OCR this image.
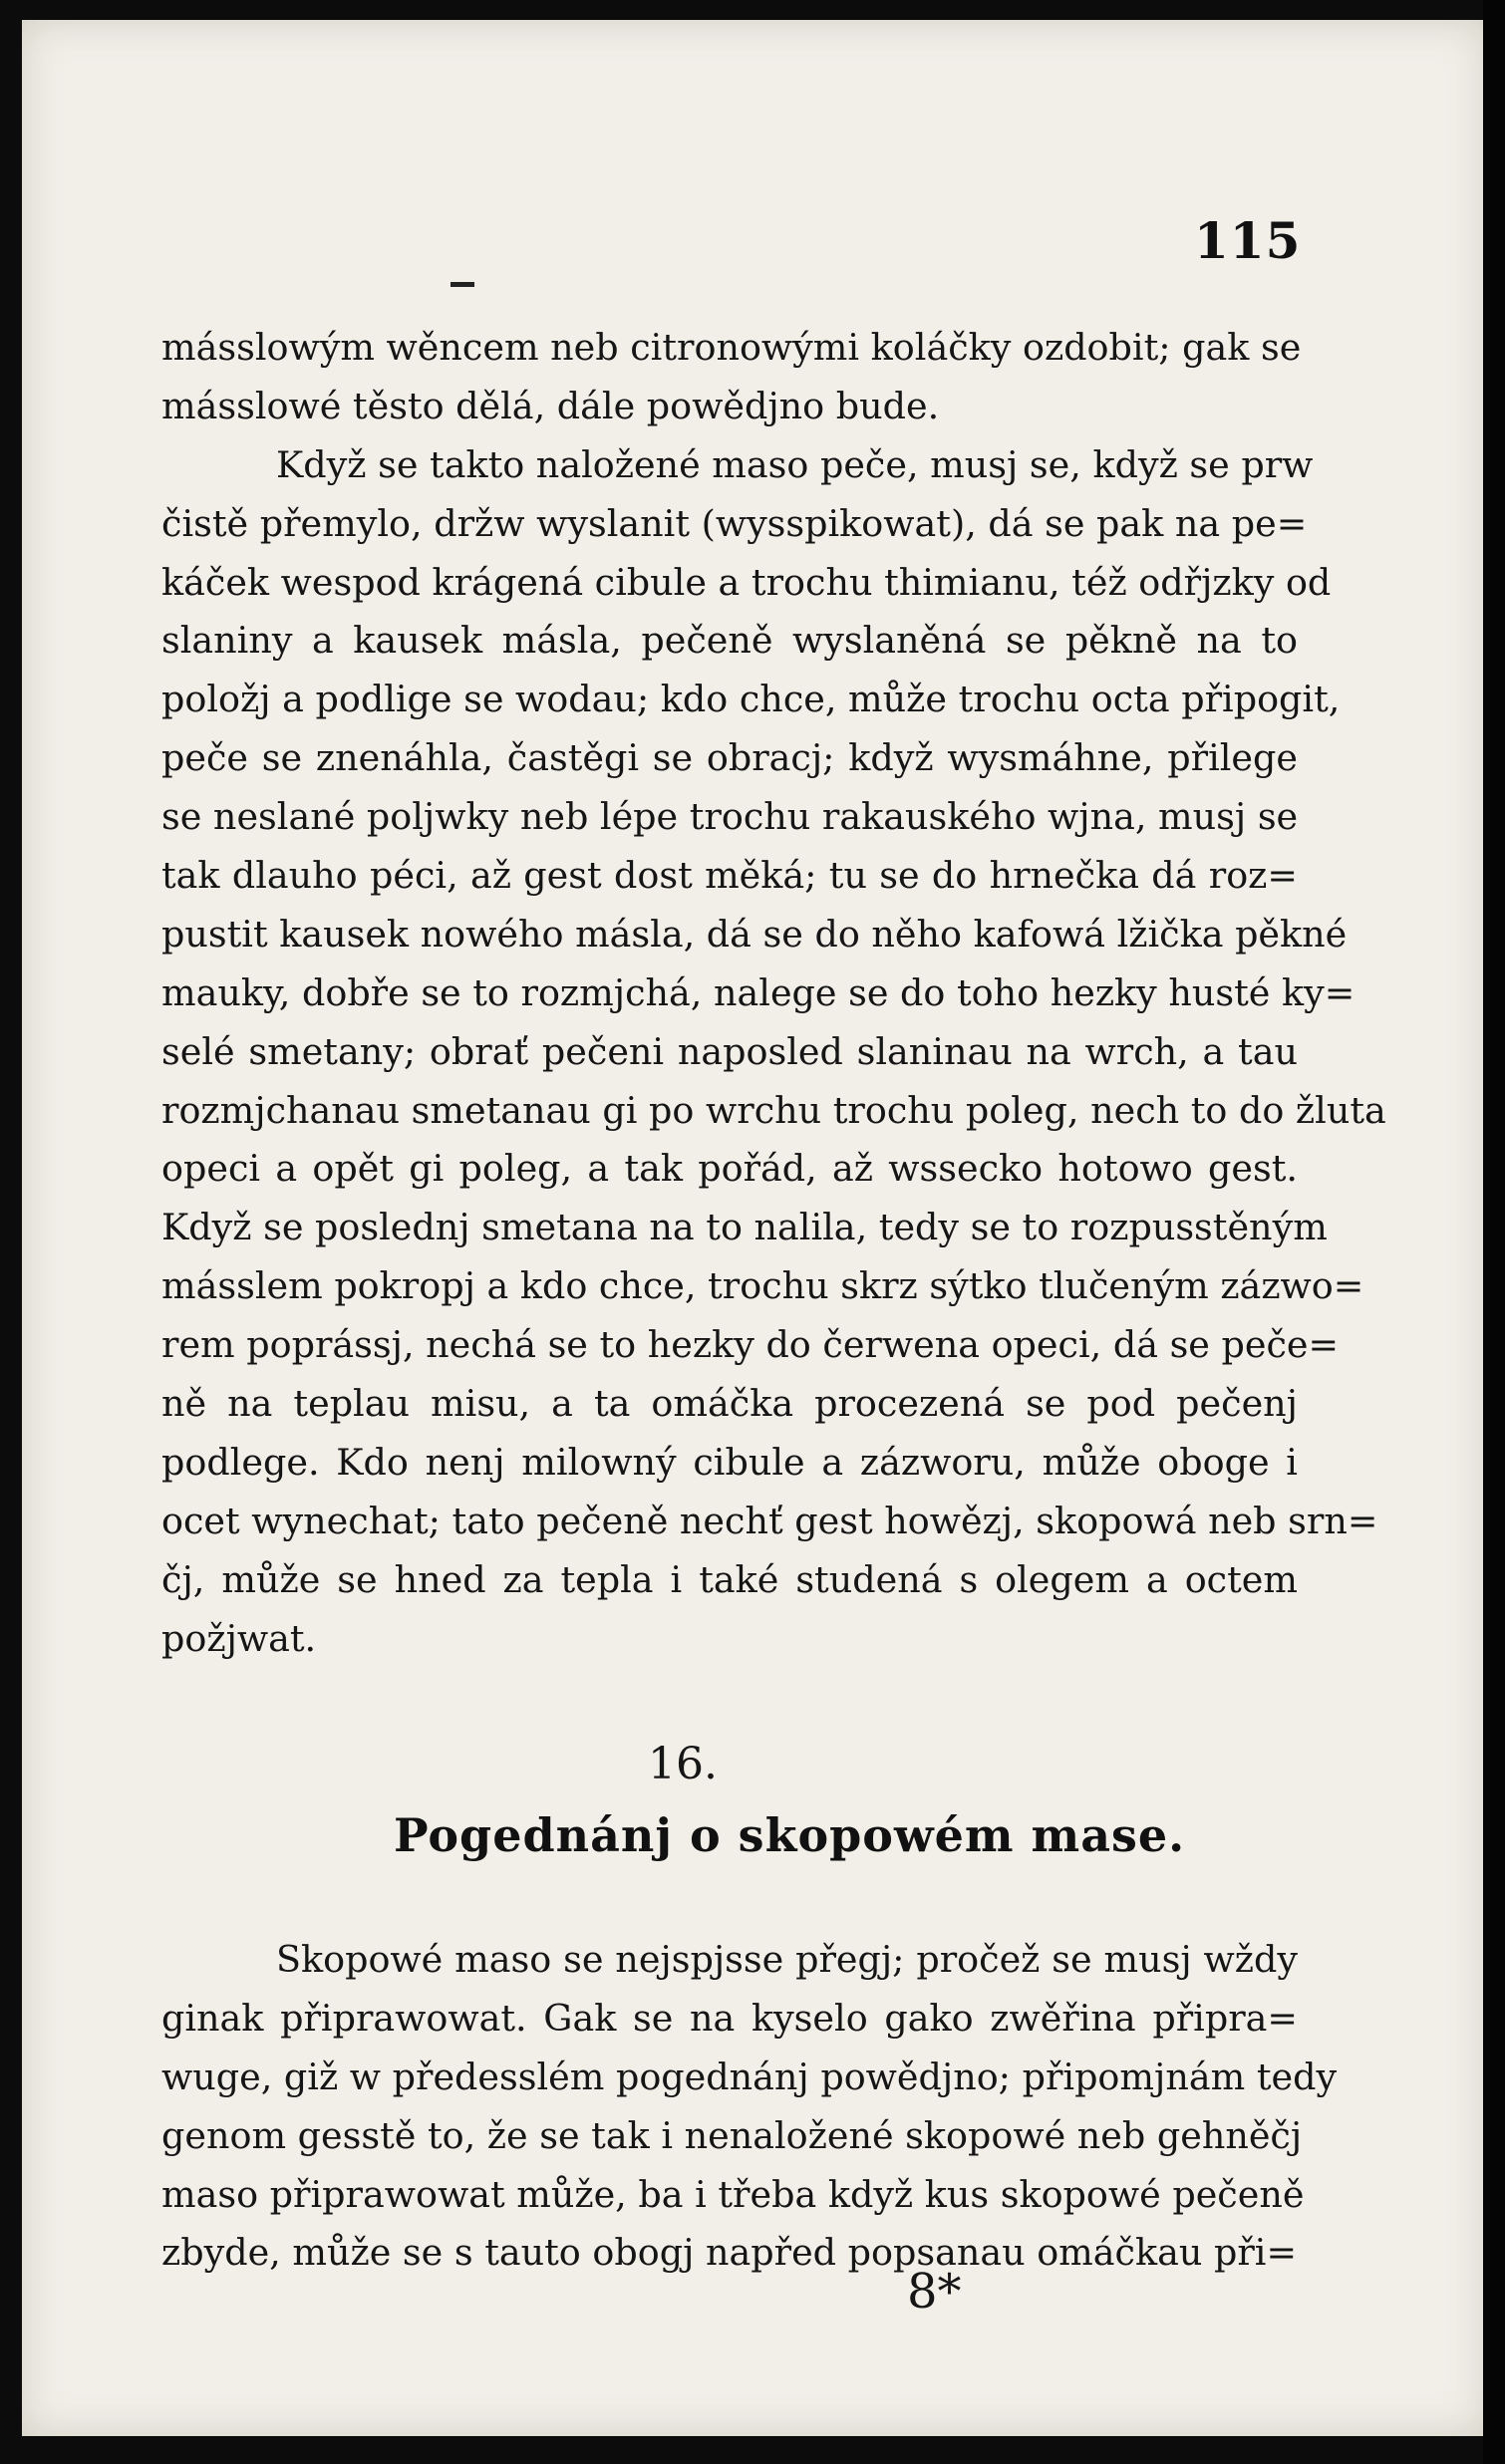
115
másslowým wěncem neb citronowými koláčky ozdobit; gak se
másslowé těsto dělá, dále powědjno bude.
Když se takto naložené maso peče, musj se, když se prw
čistě přemylo, držw wyslanit (wysspikowat), dá se pak na pe=
káček wespod krágená cibule a trochu thimianu, též odřjzky od
slaniny a kausek másla, pečeně wyslaněná se pěkně na to
položj a podlige se wodau; kdo chce, může trochu octa připogit,
peče se znenáhla, častěgi se obracj; když wysmáhne, přilege
se neslané poljwky neb lépe trochu rakauského wjna, musj se
tak dlauho péci, až gest dost měká; tu se do hrnečka dá roz=
pustit kausek nowého másla, dá se do něho kafowá lžička pěkné
mauky, dobře se to rozmjchá, nalege se do toho hezky husté ky=
selé smetany; obrať pečeni naposled slaninau na wrch, a tau
rozmjchanau smetanau gi po wrchu trochu poleg, nech to do žluta
opeci a opět gi poleg, a tak pořád, až wssecko hotowo gest.
Když se poslednj smetana na to nalila, tedy se to rozpusstěným
másslem pokropj a kdo chce, trochu skrz sýtko tlučeným zázwo=
rem poprássj, nechá se to hezky do čerwena opeci, dá se peče=
ně na teplau misu, a ta omáčka procezená se pod pečenj
podlege. Kdo nenj milowný cibule a zázworu, může oboge i
ocet wynechat; tato pečeně nechť gest howězj, skopowá neb srn=
čj, může se hned za tepla i také studená s olegem a octem
požjwat.
16.
Pogednánj o skopowém mase.
Skopowé maso se nejspjsse přegj; pročež se musj wždy
ginak připrawowat. Gak se na kyselo gako zwěřina připra=
wuge, giž w předesslém pogednánj powědjno; připomjnám tedy
genom gesstě to, že se tak i nenaložené skopowé neb gehněčj
maso připrawowat může, ba i třeba když kus skopowé pečeně
zbyde, může se s tauto obogj napřed popsanau omáčkau při=
8*
